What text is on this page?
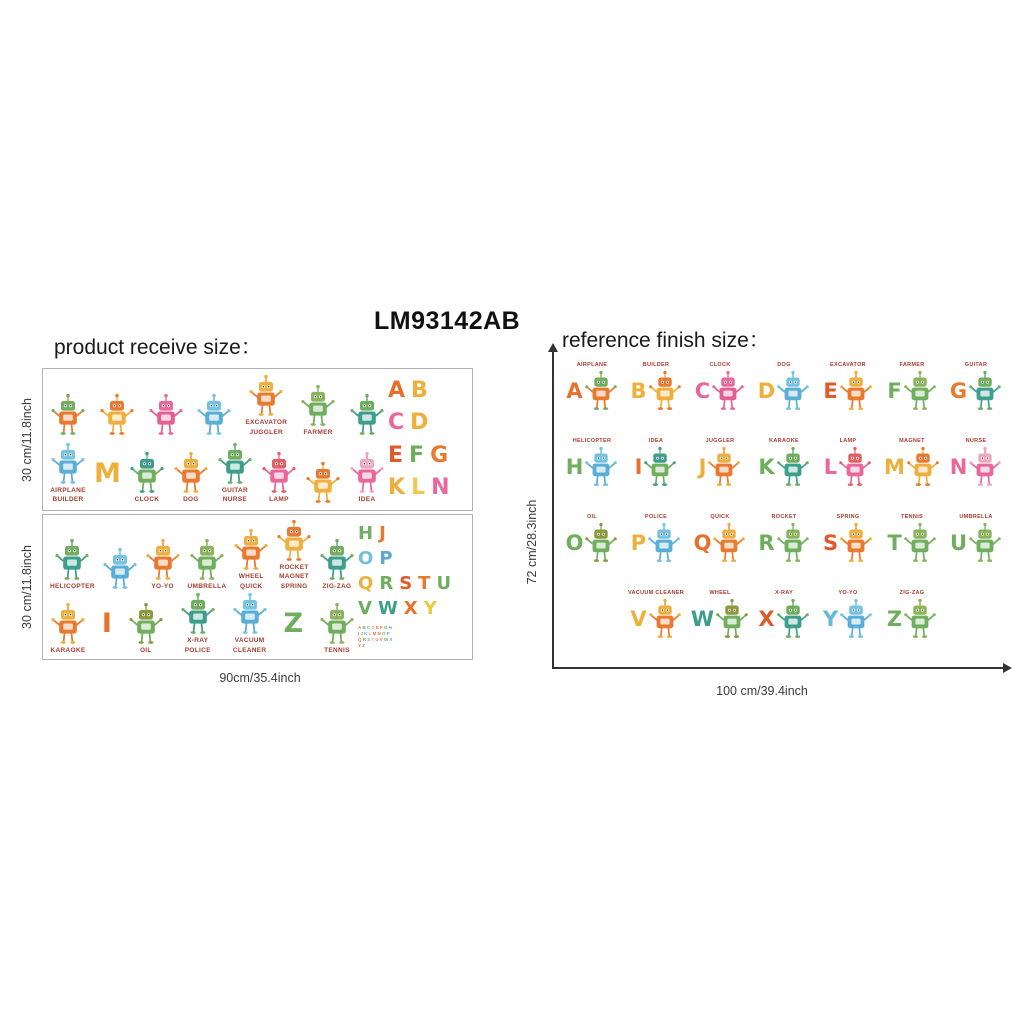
LM93142AB
product receive size：
EXCAVATOR
JUGGLER	FARMER
AIRPLANE
BUILDER
M
CLOCK	DOG
GUITAR
NURSE	LAMP	IDEA
A B
C D
E F G
K L N
HELICOPTER	YO-YO UMBRELLA
WHEEL
QUICK
ROCKET
MAGNET
SPRING ZIG-ZAG
KARAOKE
I
OIL
X-RAY
POLICE
VACUUM
CLEANER
Z
TENNIS
H J
O P
Q R S T U
V W X Y
ABCDEFGH
IJKLMNOP
QRSTUVWX
YZ
30 cm/11.8inch
30 cm/11.8inch
90cm/35.4inch
reference finish size：
72 cm/28.3inch
100 cm/39.4inch
AIRPLANE
A
BUILDER
B
CLOCK
C
DOG
D
EXCAVATOR
E
FARMER
F
GUITAR
G
HELICOPTER
H
IDEA
I
JUGGLER
J
KARAOKE
K
LAMP
L
MAGNET
M
NURSE
N
OIL
O
POLICE
P
QUICK
Q
ROCKET
R
SPRING
S
TENNIS
T
UMBRELLA
U
VACUUM CLEANER
V
WHEEL
W
X-RAY
X
YO-YO
Y
ZIG-ZAG
Z
